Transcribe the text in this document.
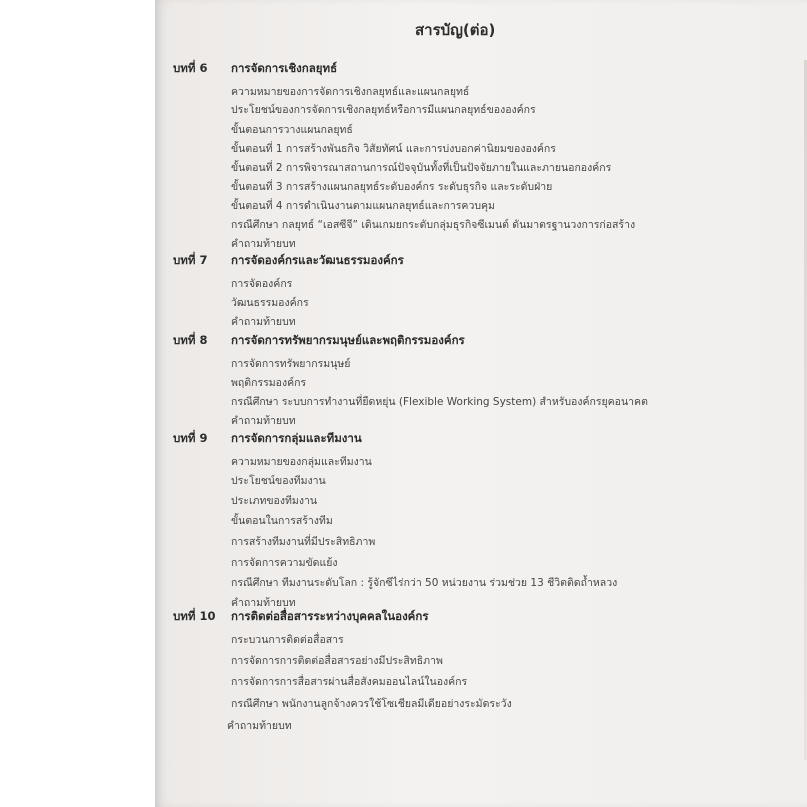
สารบัญ(ต่อ)
บทที่ 6	การจัดการเชิงกลยุทธ์
ความหมายของการจัดการเชิงกลยุทธ์และแผนกลยุทธ์
ประโยชน์ของการจัดการเชิงกลยุทธ์หรือการมีแผนกลยุทธ์ขององค์กร
ขั้นตอนการวางแผนกลยุทธ์
ขั้นตอนที่ 1 การสร้างพันธกิจ วิสัยทัศน์ และการบ่งบอกค่านิยมขององค์กร
ขั้นตอนที่ 2 การพิจารณาสถานการณ์ปัจจุบันทั้งที่เป็นปัจจัยภายในและภายนอกองค์กร
ขั้นตอนที่ 3 การสร้างแผนกลยุทธ์ระดับองค์กร ระดับธุรกิจ และระดับฝ่าย
ขั้นตอนที่ 4 การดำเนินงานตามแผนกลยุทธ์และการควบคุม
กรณีศึกษา กลยุทธ์ “เอสซีจี” เดินเกมยกระดับกลุ่มธุรกิจซีเมนต์ ดันมาตรฐานวงการก่อสร้าง
คำถามท้ายบท
บทที่ 7	การจัดองค์กรและวัฒนธรรมองค์กร
การจัดองค์กร
วัฒนธรรมองค์กร
คำถามท้ายบท
บทที่ 8	การจัดการทรัพยากรมนุษย์และพฤติกรรมองค์กร
การจัดการทรัพยากรมนุษย์
พฤติกรรมองค์กร
กรณีศึกษา ระบบการทำงานที่ยืดหยุ่น (Flexible Working System) สำหรับองค์กรยุคอนาคต
คำถามท้ายบท
บทที่ 9	การจัดการกลุ่มและทีมงาน
ความหมายของกลุ่มและทีมงาน
ประโยชน์ของทีมงาน
ประเภทของทีมงาน
ขั้นตอนในการสร้างทีม
การสร้างทีมงานที่มีประสิทธิภาพ
การจัดการความขัดแย้ง
กรณีศึกษา ทีมงานระดับโลก : รู้จักซีไร่กว่า 50 หน่วยงาน ร่วมช่วย 13 ชีวิตติดถ้ำหลวง
คำถามท้ายบท
บทที่ 10	การติดต่อสื่อสารระหว่างบุคคลในองค์กร
กระบวนการติดต่อสื่อสาร
การจัดการการติดต่อสื่อสารอย่างมีประสิทธิภาพ
การจัดการการสื่อสารผ่านสื่อสังคมออนไลน์ในองค์กร
กรณีศึกษา พนักงานลูกจ้างควรใช้โซเชียลมีเดียอย่างระมัดระวัง
คำถามท้ายบท
